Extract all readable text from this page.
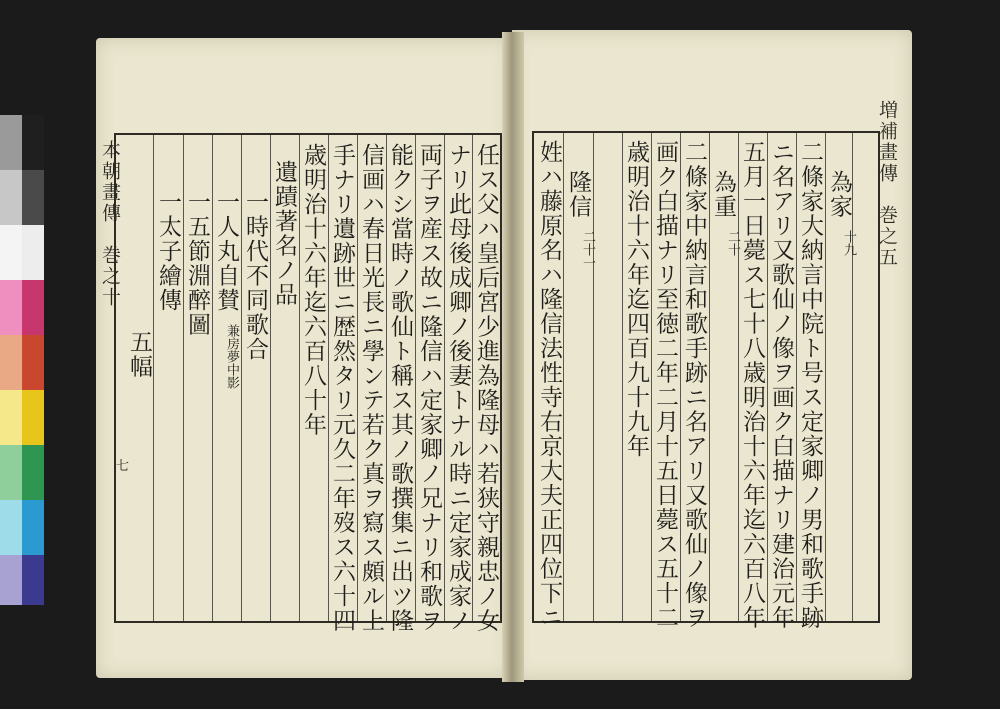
任ス父ハ皇后宮少進為隆母ハ若狭守親忠ノ女
ナリ此母後成卿ノ後妻トナル時ニ定家成家ノ
両子ヲ産ス故ニ隆信ハ定家卿ノ兄ナリ和歌ヲ
能クシ當時ノ歌仙ト稱ス其ノ歌撰集ニ出ツ隆
信画ハ春日光長ニ學ンテ若ク真ヲ寫ス頗ル上
手ナリ遺跡世ニ歴然タリ元久二年歿ス六十四
歳明治十六年迄六百八十年
遺蹟著名ノ品
一時代不同歌合
一人丸自賛
兼房夢中影
一五節淵醉圖
一太子繪傳
五幅
本朝畫傳　巻之十
七
為家
十九
二條家大納言中院ト号ス定家卿ノ男和歌手跡
ニ名アリ又歌仙ノ像ヲ画ク白描ナリ建治元年
五月一日薨ス七十八歳明治十六年迄六百八年
為重
二十
二條家中納言和歌手跡ニ名アリ又歌仙ノ像ヲ
画ク白描ナリ至徳二年二月十五日薨ス五十二
歳明治十六年迄四百九十九年
隆信
二十一
姓ハ藤原名ハ隆信法性寺右京大夫正四位下ニ	増補畫傳　巻之五
